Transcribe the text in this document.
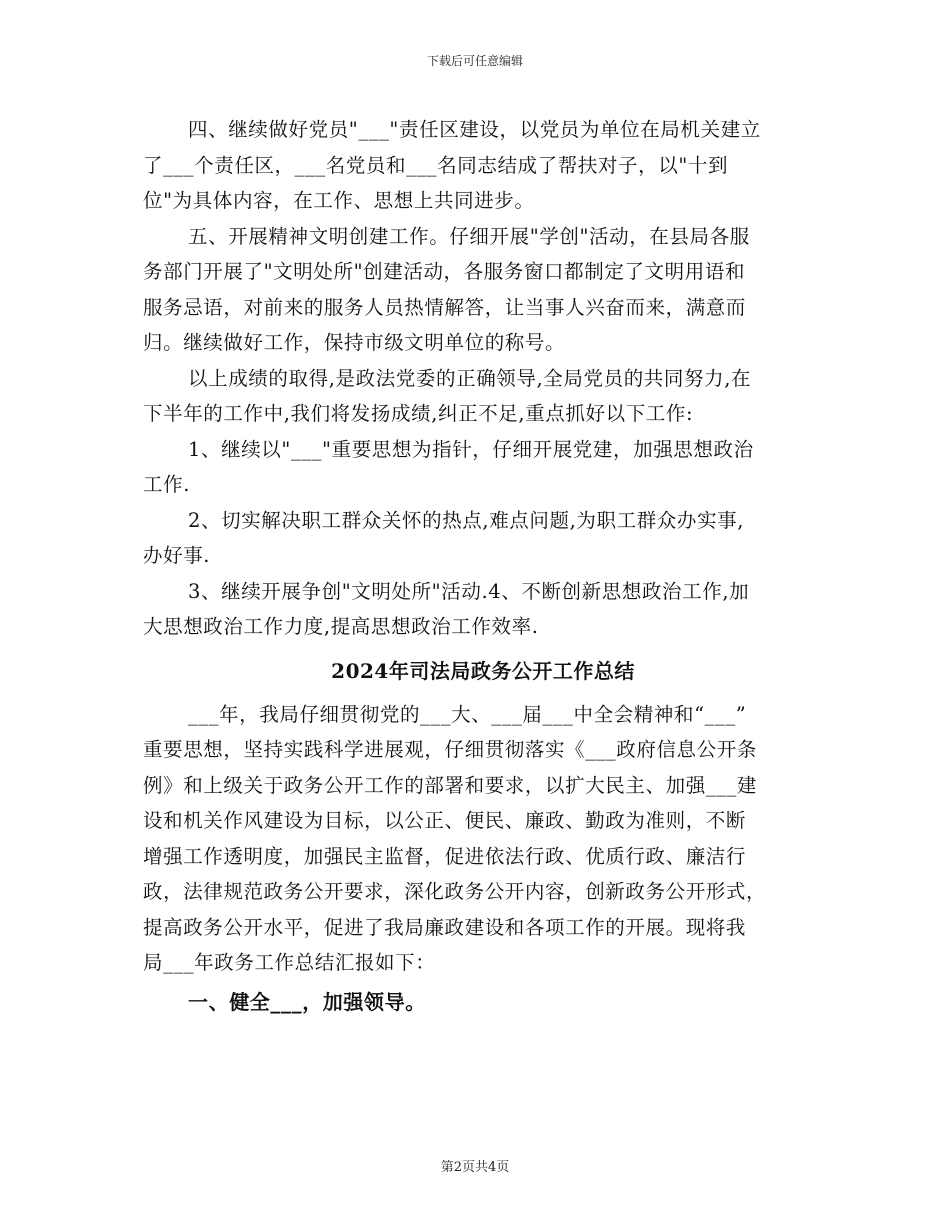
下载后可任意编辑
四、继续做好党员"___"责任区建设，以党员为单位在局机关建立
了___个责任区，___名党员和___名同志结成了帮扶对子，以"十到
位"为具体内容，在工作、思想上共同进步。
五、开展精神文明创建工作。仔细开展"学创"活动，在县局各服
务部门开展了"文明处所"创建活动，各服务窗口都制定了文明用语和
服务忌语，对前来的服务人员热情解答，让当事人兴奋而来，满意而
归。继续做好工作，保持市级文明单位的称号。
以上成绩的取得,是政法党委的正确领导,全局党员的共同努力,在
下半年的工作中,我们将发扬成绩,纠正不足,重点抓好以下工作:
1、继续以"___"重要思想为指针，仔细开展党建，加强思想政治
工作.
2、切实解决职工群众关怀的热点,难点问题,为职工群众办实事,
办好事.
3、继续开展争创"文明处所"活动.4、不断创新思想政治工作,加
大思想政治工作力度,提高思想政治工作效率.
2024年司法局政务公开工作总结
___年，我局仔细贯彻党的___大、___届___中全会精神和“___”
重要思想，坚持实践科学进展观，仔细贯彻落实《___政府信息公开条
例》和上级关于政务公开工作的部署和要求，以扩大民主、加强___建
设和机关作风建设为目标，以公正、便民、廉政、勤政为准则，不断
增强工作透明度，加强民主监督，促进依法行政、优质行政、廉洁行
政，法律规范政务公开要求，深化政务公开内容，创新政务公开形式，
提高政务公开水平，促进了我局廉政建设和各项工作的开展。现将我
局___年政务工作总结汇报如下：
一、健全___，加强领导。
第2页共4页
